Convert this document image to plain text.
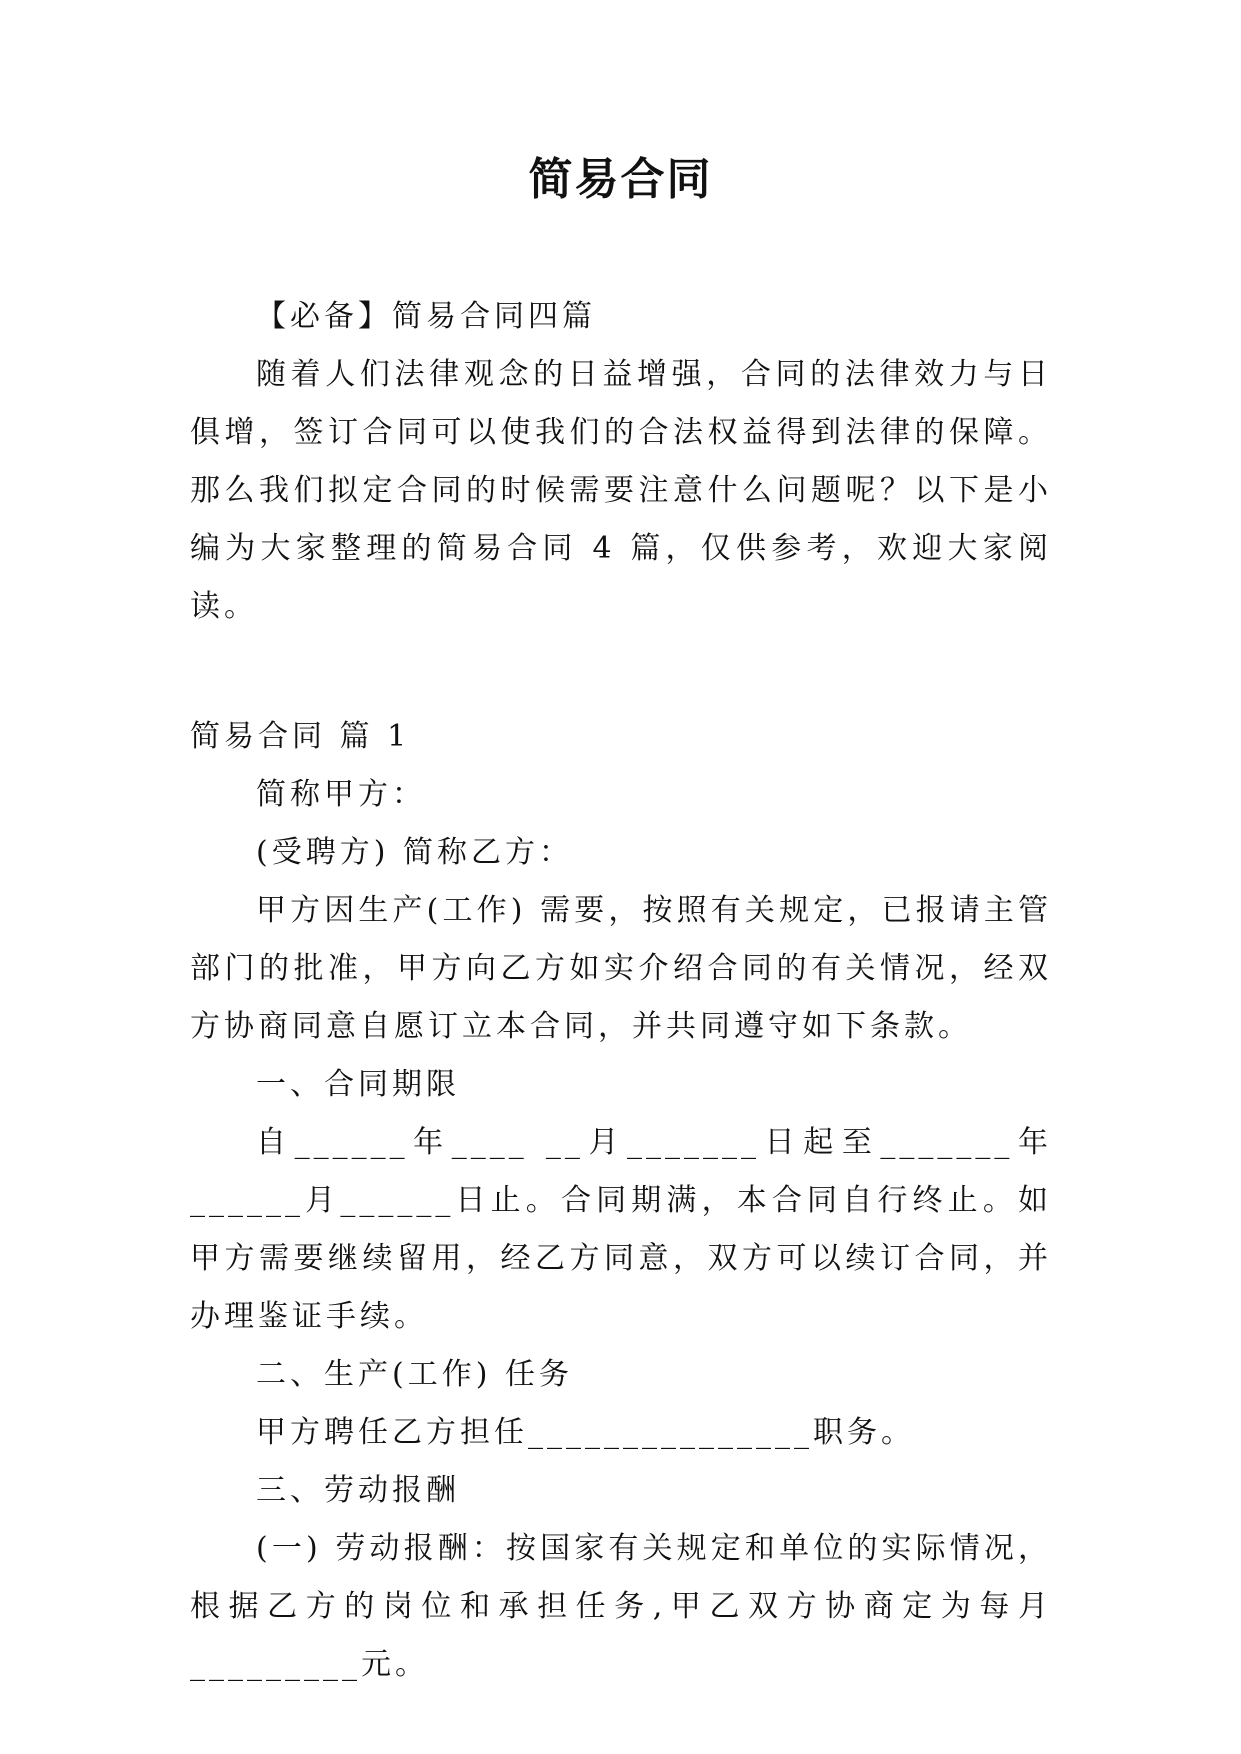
简易合同

【必备】简易合同四篇

随着人们法律观念的日益增强，合同的法律效力与日俱增，签订合同可以使我们的合法权益得到法律的保障。那么我们拟定合同的时候需要注意什么问题呢？以下是小编为大家整理的简易合同 4 篇，仅供参考，欢迎大家阅读。

简易合同 篇 1

简称甲方：

(受聘方) 简称乙方：

甲方因生产(工作) 需要，按照有关规定，已报请主管部门的批准，甲方向乙方如实介绍合同的有关情况，经双方协商同意自愿订立本合同，并共同遵守如下条款。

一、合同期限

自______年____ __月_______日起至_______年______月______日止。合同期满，本合同自行终止。如甲方需要继续留用，经乙方同意，双方可以续订合同，并办理鉴证手续。

二、生产(工作) 任务

甲方聘任乙方担任_______________职务。

三、劳动报酬

(一) 劳动报酬：按国家有关规定和单位的实际情况，根据乙方的岗位和承担任务,甲乙双方协商定为每月_________元。
